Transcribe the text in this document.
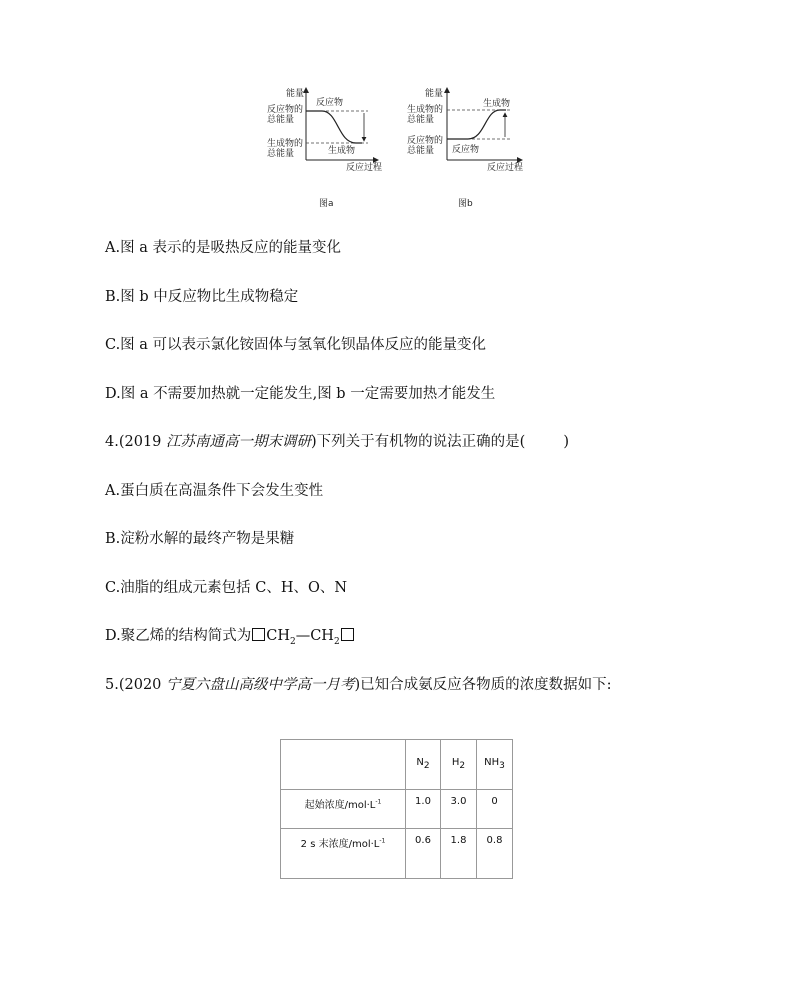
能量
反应物的
总能量
生成物的
总能量
反应物
生成物
反应过程
能量
生成物的
总能量
反应物的
总能量
生成物
反应物
反应过程
图a	图b
A.图 a 表示的是吸热反应的能量变化
B.图 b 中反应物比生成物稳定
C.图 a 可以表示氯化铵固体与氢氧化钡晶体反应的能量变化
D.图 a 不需要加热就一定能发生,图 b 一定需要加热才能发生
4.(2019 江苏南通高一期末调研)下列关于有机物的说法正确的是(	)
A.蛋白质在高温条件下会发生变性
B.淀粉水解的最终产物是果糖
C.油脂的组成元素包括 C、H、O、N
D.聚乙烯的结构简式为 $CH_2—CH_2$
5.(2020 宁夏六盘山高级中学高一月考)已知合成氨反应各物质的浓度数据如下:
	$N_2$	$H_2$	$NH_3$
起始浓度$/mol\cdot L^{-1}$	1.0	3.0	0
2 s 末浓度$/mol\cdot L^{-1}$	0.6	1.8	0.8
